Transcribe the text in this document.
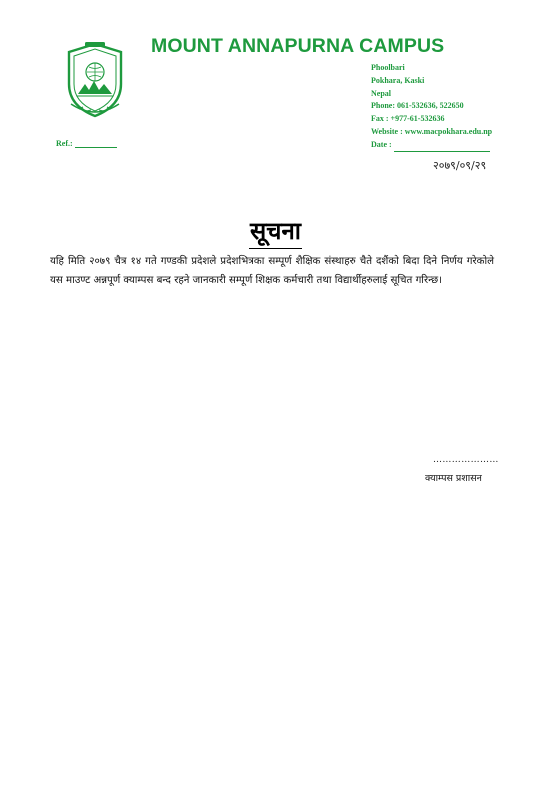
MOUNT ANNAPURNA CAMPUS
Phoolbari
Pokhara, Kaski
Nepal
Phone: 061-532636, 522650
Fax : +977-61-532636
Website : www.macpokhara.edu.np
Date :
Ref.:
२०७९/०९/२९
सूचना
यहि मिति २०७९ चैत्र १४ गते गण्डकी प्रदेशले प्रदेशभित्रका सम्पूर्ण शैक्षिक संस्थाहरु चैते दशैंको बिदा दिने निर्णय गरेकोले यस माउण्ट अन्नपूर्ण क्याम्पस बन्द रहने जानकारी सम्पूर्ण शिक्षक कर्मचारी तथा विद्यार्थीहरुलाई सूचित गरिन्छ।
…………………
क्याम्पस प्रशासन
